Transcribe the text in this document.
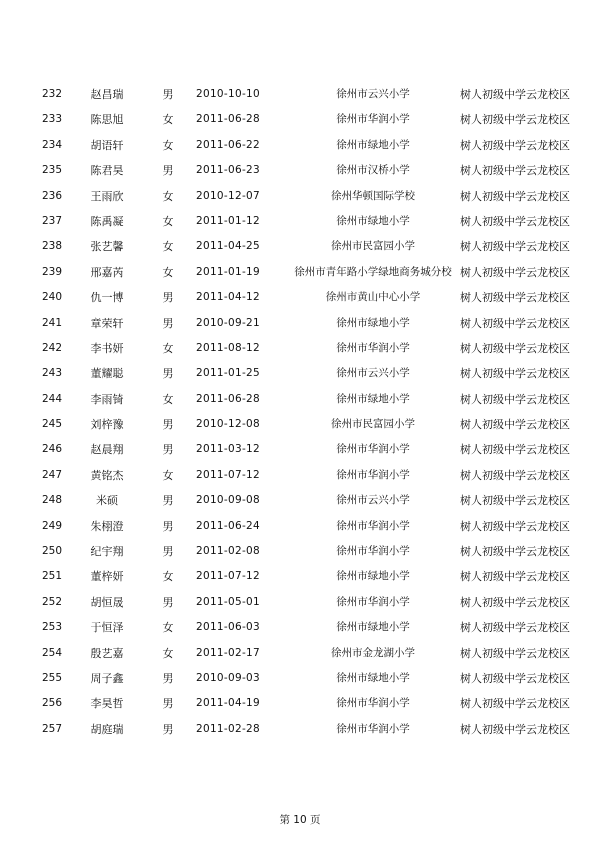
232	赵昌瑞	男	2010-10-10	徐州市云兴小学	树人初级中学云龙校区
233	陈思旭	女	2011-06-28	徐州市华润小学	树人初级中学云龙校区
234	胡语轩	女	2011-06-22	徐州市绿地小学	树人初级中学云龙校区
235	陈君昊	男	2011-06-23	徐州市汉桥小学	树人初级中学云龙校区
236	王雨欣	女	2010-12-07	徐州华顿国际学校	树人初级中学云龙校区
237	陈禹凝	女	2011-01-12	徐州市绿地小学	树人初级中学云龙校区
238	张艺馨	女	2011-04-25	徐州市民富园小学	树人初级中学云龙校区
239	邢嘉芮	女	2011-01-19	徐州市青年路小学绿地商务城分校 树人初级中学云龙校区
240	仇一博	男	2011-04-12	徐州市黄山中心小学	树人初级中学云龙校区
241	章荣轩	男	2010-09-21	徐州市绿地小学	树人初级中学云龙校区
242	李书妍	女	2011-08-12	徐州市华润小学	树人初级中学云龙校区
243	董耀聪	男	2011-01-25	徐州市云兴小学	树人初级中学云龙校区
244	李雨锜	女	2011-06-28	徐州市绿地小学	树人初级中学云龙校区
245	刘梓豫	男	2010-12-08	徐州市民富园小学	树人初级中学云龙校区
246	赵晨翔	男	2011-03-12	徐州市华润小学	树人初级中学云龙校区
247	黄铭杰	女	2011-07-12	徐州市华润小学	树人初级中学云龙校区
248	米硕	男	2010-09-08	徐州市云兴小学	树人初级中学云龙校区
249	朱栩澄	男	2011-06-24	徐州市华润小学	树人初级中学云龙校区
250	纪宇翔	男	2011-02-08	徐州市华润小学	树人初级中学云龙校区
251	董梓妍	女	2011-07-12	徐州市绿地小学	树人初级中学云龙校区
252	胡恒晟	男	2011-05-01	徐州市华润小学	树人初级中学云龙校区
253	于恒泽	女	2011-06-03	徐州市绿地小学	树人初级中学云龙校区
254	殷艺嘉	女	2011-02-17	徐州市金龙湖小学	树人初级中学云龙校区
255	周子鑫	男	2010-09-03	徐州市绿地小学	树人初级中学云龙校区
256	李昊哲	男	2011-04-19	徐州市华润小学	树人初级中学云龙校区
257	胡庭瑞	男	2011-02-28	徐州市华润小学	树人初级中学云龙校区
第 10 页
